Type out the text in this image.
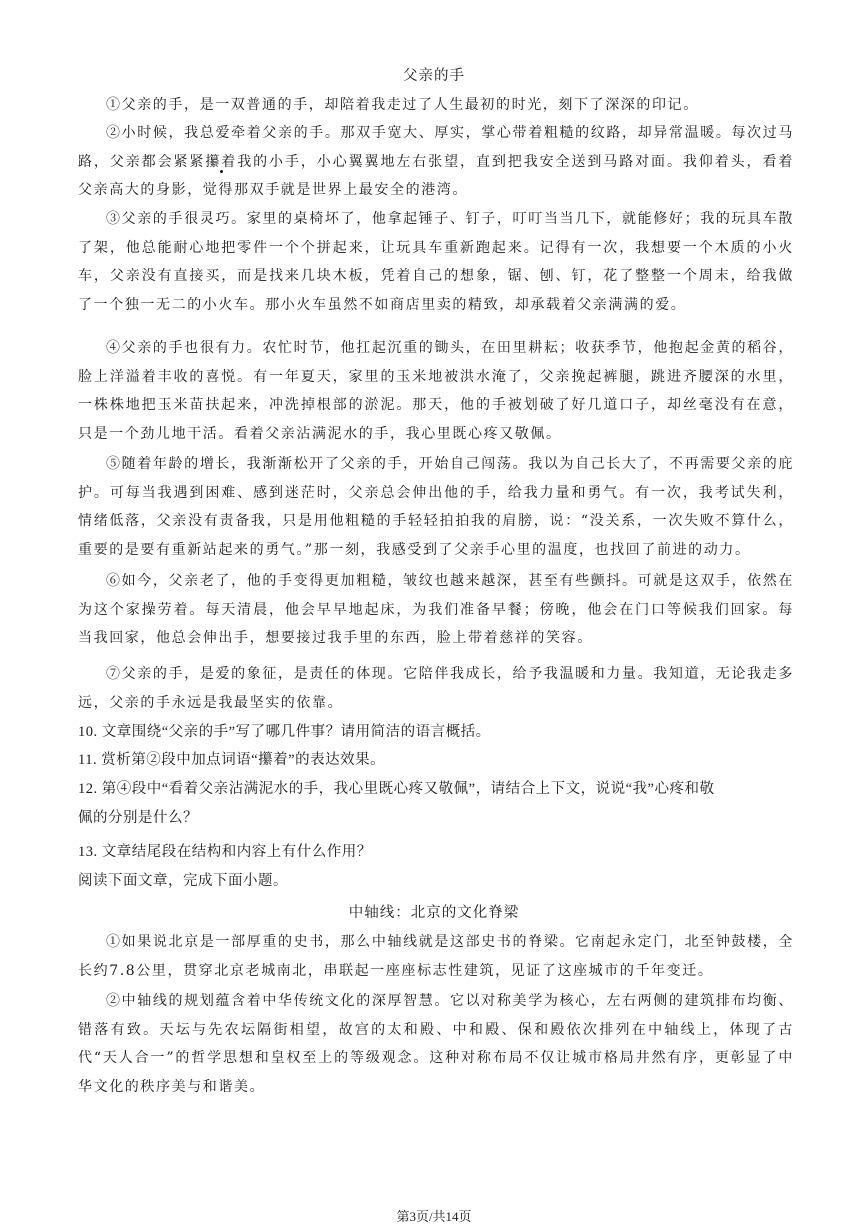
父亲的手

①父亲的手，是一双普通的手，却陪着我走过了人生最初的时光，刻下了深深的印记。

②小时候，我总爱牵着父亲的手。那双手宽大、厚实，掌心带着粗糙的纹路，却异常温暖。每次过马路，父亲都会紧紧攥着我的小手，小心翼翼地左右张望，直到把我安全送到马路对面。我仰着头，看着父亲高大的身影，觉得那双手就是世界上最安全的港湾。

③父亲的手很灵巧。家里的桌椅坏了，他拿起锤子、钉子，叮叮当当几下，就能修好；我的玩具车散了架，他总能耐心地把零件一个个拼起来，让玩具车重新跑起来。记得有一次，我想要一个木质的小火车，父亲没有直接买，而是找来几块木板，凭着自己的想象，锯、刨、钉，花了整整一个周末，给我做了一个独一无二的小火车。那小火车虽然不如商店里卖的精致，却承载着父亲满满的爱。

④父亲的手也很有力。农忙时节，他扛起沉重的锄头，在田里耕耘；收获季节，他抱起金黄的稻谷，脸上洋溢着丰收的喜悦。有一年夏天，家里的玉米地被洪水淹了，父亲挽起裤腿，跳进齐腰深的水里，一株株地把玉米苗扶起来，冲洗掉根部的淤泥。那天，他的手被划破了好几道口子，却丝毫没有在意，只是一个劲儿地干活。看着父亲沾满泥水的手，我心里既心疼又敬佩。

⑤随着年龄的增长，我渐渐松开了父亲的手，开始自己闯荡。我以为自己长大了，不再需要父亲的庇护。可每当我遇到困难、感到迷茫时，父亲总会伸出他的手，给我力量和勇气。有一次，我考试失利，情绪低落，父亲没有责备我，只是用他粗糙的手轻轻拍拍我的肩膀，说：“没关系，一次失败不算什么，重要的是要有重新站起来的勇气。”那一刻，我感受到了父亲手心里的温度，也找回了前进的动力。

⑥如今，父亲老了，他的手变得更加粗糙，皱纹也越来越深，甚至有些颤抖。可就是这双手，依然在为这个家操劳着。每天清晨，他会早早地起床，为我们准备早餐；傍晚，他会在门口等候我们回家。每当我回家，他总会伸出手，想要接过我手里的东西，脸上带着慈祥的笑容。

⑦父亲的手，是爱的象征，是责任的体现。它陪伴我成长，给予我温暖和力量。我知道，无论我走多远，父亲的手永远是我最坚实的依靠。

10. 文章围绕“父亲的手”写了哪几件事？请用简洁的语言概括。

11. 赏析第②段中加点词语“攥着”的表达效果。

12. 第④段中“看着父亲沾满泥水的手，我心里既心疼又敬佩”，请结合上下文，说说“我”心疼和敬佩的分别是什么？

13. 文章结尾段在结构和内容上有什么作用？

阅读下面文章，完成下面小题。

中轴线：北京的文化脊梁

①如果说北京是一部厚重的史书，那么中轴线就是这部史书的脊梁。它南起永定门，北至钟鼓楼，全长约7.8公里，贯穿北京老城南北，串联起一座座标志性建筑，见证了这座城市的千年变迁。

②中轴线的规划蕴含着中华传统文化的深厚智慧。它以对称美学为核心，左右两侧的建筑排布均衡、错落有致。天坛与先农坛隔街相望，故宫的太和殿、中和殿、保和殿依次排列在中轴线上，体现了古代“天人合一”的哲学思想和皇权至上的等级观念。这种对称布局不仅让城市格局井然有序，更彰显了中华文化的秩序美与和谐美。

第3页/共14页
